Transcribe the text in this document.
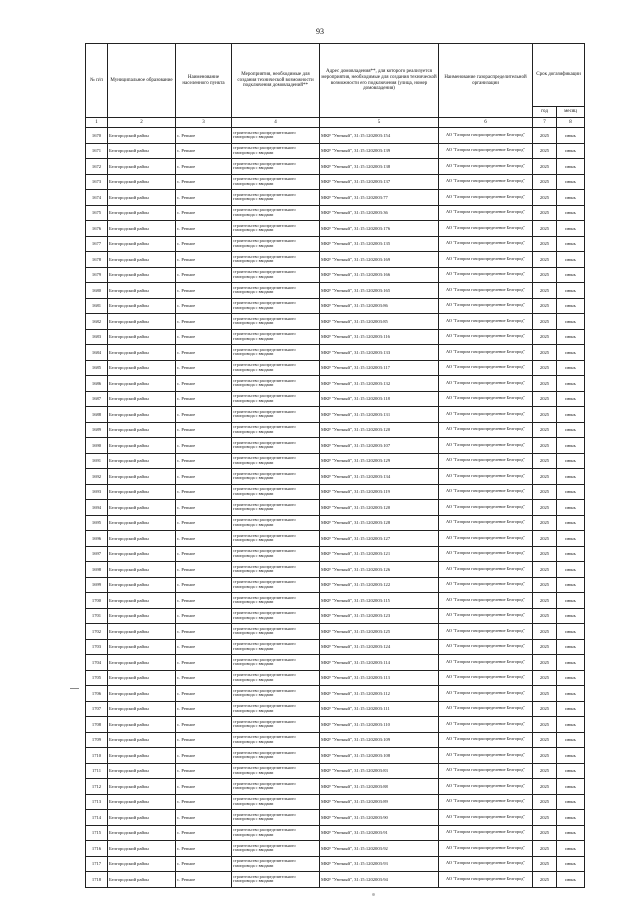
93
№ п/п	Муниципальное образование	Наименование населенного пункта	Мероприятия, необходимые для создания технической возможности подключения домовладений**	Адрес домовладения**, для которого реализуется мероприятия, необходимые для создания технической возможности его подключения (улица, номер домовладения)	Наименование газораспределительной организации	Срок догазификации	
						год	месяц
1	2	3	4	5	6	7	8
1670	Белгородский район	с. Репное	строительство распределительного газопровода с вводами	МКР "Уютный", 31:15:1202003:154	АО "Газпром газораспределение Белгород"	2025	июнь
1671	Белгородский район	с. Репное	строительство распределительного газопровода с вводами	МКР "Уютный", 31:15:1202003:139	АО "Газпром газораспределение Белгород"	2025	июнь
1672	Белгородский район	с. Репное	строительство распределительного газопровода с вводами	МКР "Уютный", 31:15:1202003:138	АО "Газпром газораспределение Белгород"	2025	июнь
1673	Белгородский район	с. Репное	строительство распределительного газопровода с вводами	МКР "Уютный", 31:15:1202003:137	АО "Газпром газораспределение Белгород"	2025	июнь
1674	Белгородский район	с. Репное	строительство распределительного газопровода с вводами	МКР "Уютный", 31:15:1202003:77	АО "Газпром газораспределение Белгород"	2025	июнь
1675	Белгородский район	с. Репное	строительство распределительного газопровода с вводами	МКР "Уютный", 31:15:1202003:36	АО "Газпром газораспределение Белгород"	2025	июнь
1676	Белгородский район	с. Репное	строительство распределительного газопровода с вводами	МКР "Уютный", 31:15:1202003:176	АО "Газпром газораспределение Белгород"	2025	июнь
1677	Белгородский район	с. Репное	строительство распределительного газопровода с вводами	МКР "Уютный", 31:15:1202003:135	АО "Газпром газораспределение Белгород"	2025	июнь
1678	Белгородский район	с. Репное	строительство распределительного газопровода с вводами	МКР "Уютный", 31:15:1202003:169	АО "Газпром газораспределение Белгород"	2025	июнь
1679	Белгородский район	с. Репное	строительство распределительного газопровода с вводами	МКР "Уютный", 31:15:1202003:166	АО "Газпром газораспределение Белгород"	2025	июнь
1680	Белгородский район	с. Репное	строительство распределительного газопровода с вводами	МКР "Уютный", 31:15:1202003:165	АО "Газпром газораспределение Белгород"	2025	июнь
1681	Белгородский район	с. Репное	строительство распределительного газопровода с вводами	МКР "Уютный", 31:15:1202003:86	АО "Газпром газораспределение Белгород"	2025	июнь
1682	Белгородский район	с. Репное	строительство распределительного газопровода с вводами	МКР "Уютный", 31:15:1202003:85	АО "Газпром газораспределение Белгород"	2025	июнь
1683	Белгородский район	с. Репное	строительство распределительного газопровода с вводами	МКР "Уютный", 31:15:1202003:116	АО "Газпром газораспределение Белгород"	2025	июнь
1684	Белгородский район	с. Репное	строительство распределительного газопровода с вводами	МКР "Уютный", 31:15:1202003:133	АО "Газпром газораспределение Белгород"	2025	июнь
1685	Белгородский район	с. Репное	строительство распределительного газопровода с вводами	МКР "Уютный", 31:15:1202003:117	АО "Газпром газораспределение Белгород"	2025	июнь
1686	Белгородский район	с. Репное	строительство распределительного газопровода с вводами	МКР "Уютный", 31:15:1202003:132	АО "Газпром газораспределение Белгород"	2025	июнь
1687	Белгородский район	с. Репное	строительство распределительного газопровода с вводами	МКР "Уютный", 31:15:1202003:118	АО "Газпром газораспределение Белгород"	2025	июнь
1688	Белгородский район	с. Репное	строительство распределительного газопровода с вводами	МКР "Уютный", 31:15:1202003:131	АО "Газпром газораспределение Белгород"	2025	июнь
1689	Белгородский район	с. Репное	строительство распределительного газопровода с вводами	МКР "Уютный", 31:15:1202003:120	АО "Газпром газораспределение Белгород"	2025	июнь
1690	Белгородский район	с. Репное	строительство распределительного газопровода с вводами	МКР "Уютный", 31:15:1202003:107	АО "Газпром газораспределение Белгород"	2025	июнь
1691	Белгородский район	с. Репное	строительство распределительного газопровода с вводами	МКР "Уютный", 31:15:1202003:129	АО "Газпром газораспределение Белгород"	2025	июнь
1692	Белгородский район	с. Репное	строительство распределительного газопровода с вводами	МКР "Уютный", 31:15:1202003:134	АО "Газпром газораспределение Белгород"	2025	июнь
1693	Белгородский район	с. Репное	строительство распределительного газопровода с вводами	МКР "Уютный", 31:15:1202003:119	АО "Газпром газораспределение Белгород"	2025	июнь
1694	Белгородский район	с. Репное	строительство распределительного газопровода с вводами	МКР "Уютный", 31:15:1202003:120	АО "Газпром газораспределение Белгород"	2025	июнь
1695	Белгородский район	с. Репное	строительство распределительного газопровода с вводами	МКР "Уютный", 31:15:1202003:128	АО "Газпром газораспределение Белгород"	2025	июнь
1696	Белгородский район	с. Репное	строительство распределительного газопровода с вводами	МКР "Уютный", 31:15:1202003:127	АО "Газпром газораспределение Белгород"	2025	июнь
1697	Белгородский район	с. Репное	строительство распределительного газопровода с вводами	МКР "Уютный", 31:15:1202003:121	АО "Газпром газораспределение Белгород"	2025	июнь
1698	Белгородский район	с. Репное	строительство распределительного газопровода с вводами	МКР "Уютный", 31:15:1202003:126	АО "Газпром газораспределение Белгород"	2025	июнь
1699	Белгородский район	с. Репное	строительство распределительного газопровода с вводами	МКР "Уютный", 31:15:1202003:122	АО "Газпром газораспределение Белгород"	2025	июнь
1700	Белгородский район	с. Репное	строительство распределительного газопровода с вводами	МКР "Уютный", 31:15:1202003:115	АО "Газпром газораспределение Белгород"	2025	июнь
1701	Белгородский район	с. Репное	строительство распределительного газопровода с вводами	МКР "Уютный", 31:15:1202003:123	АО "Газпром газораспределение Белгород"	2025	июнь
1702	Белгородский район	с. Репное	строительство распределительного газопровода с вводами	МКР "Уютный", 31:15:1202003:125	АО "Газпром газораспределение Белгород"	2025	июнь
1703	Белгородский район	с. Репное	строительство распределительного газопровода с вводами	МКР "Уютный", 31:15:1202003:124	АО "Газпром газораспределение Белгород"	2025	июнь
1704	Белгородский район	с. Репное	строительство распределительного газопровода с вводами	МКР "Уютный", 31:15:1202003:114	АО "Газпром газораспределение Белгород"	2025	июнь
1705	Белгородский район	с. Репное	строительство распределительного газопровода с вводами	МКР "Уютный", 31:15:1202003:113	АО "Газпром газораспределение Белгород"	2025	июнь
1706	Белгородский район	с. Репное	строительство распределительного газопровода с вводами	МКР "Уютный", 31:15:1202003:112	АО "Газпром газораспределение Белгород"	2025	июнь
1707	Белгородский район	с. Репное	строительство распределительного газопровода с вводами	МКР "Уютный", 31:15:1202003:111	АО "Газпром газораспределение Белгород"	2025	июнь
1708	Белгородский район	с. Репное	строительство распределительного газопровода с вводами	МКР "Уютный", 31:15:1202003:110	АО "Газпром газораспределение Белгород"	2025	июнь
1709	Белгородский район	с. Репное	строительство распределительного газопровода с вводами	МКР "Уютный", 31:15:1202003:109	АО "Газпром газораспределение Белгород"	2025	июнь
1710	Белгородский район	с. Репное	строительство распределительного газопровода с вводами	МКР "Уютный", 31:15:1202003:108	АО "Газпром газораспределение Белгород"	2025	июнь
1711	Белгородский район	с. Репное	строительство распределительного газопровода с вводами	МКР "Уютный", 31:15:1202003:83	АО "Газпром газораспределение Белгород"	2025	июнь
1712	Белгородский район	с. Репное	строительство распределительного газопровода с вводами	МКР "Уютный", 31:15:1202003:88	АО "Газпром газораспределение Белгород"	2025	июнь
1713	Белгородский район	с. Репное	строительство распределительного газопровода с вводами	МКР "Уютный", 31:15:1202003:89	АО "Газпром газораспределение Белгород"	2025	июнь
1714	Белгородский район	с. Репное	строительство распределительного газопровода с вводами	МКР "Уютный", 31:15:1202003:90	АО "Газпром газораспределение Белгород"	2025	июнь
1715	Белгородский район	с. Репное	строительство распределительного газопровода с вводами	МКР "Уютный", 31:15:1202003:91	АО "Газпром газораспределение Белгород"	2025	июнь
1716	Белгородский район	с. Репное	строительство распределительного газопровода с вводами	МКР "Уютный", 31:15:1202003:92	АО "Газпром газораспределение Белгород"	2025	июнь
1717	Белгородский район	с. Репное	строительство распределительного газопровода с вводами	МКР "Уютный", 31:15:1202003:93	АО "Газпром газораспределение Белгород"	2025	июнь
1718	Белгородский район	с. Репное	строительство распределительного газопровода с вводами	МКР "Уютный", 31:15:1202003:94	АО "Газпром газораспределение Белгород"	2025	июнь
